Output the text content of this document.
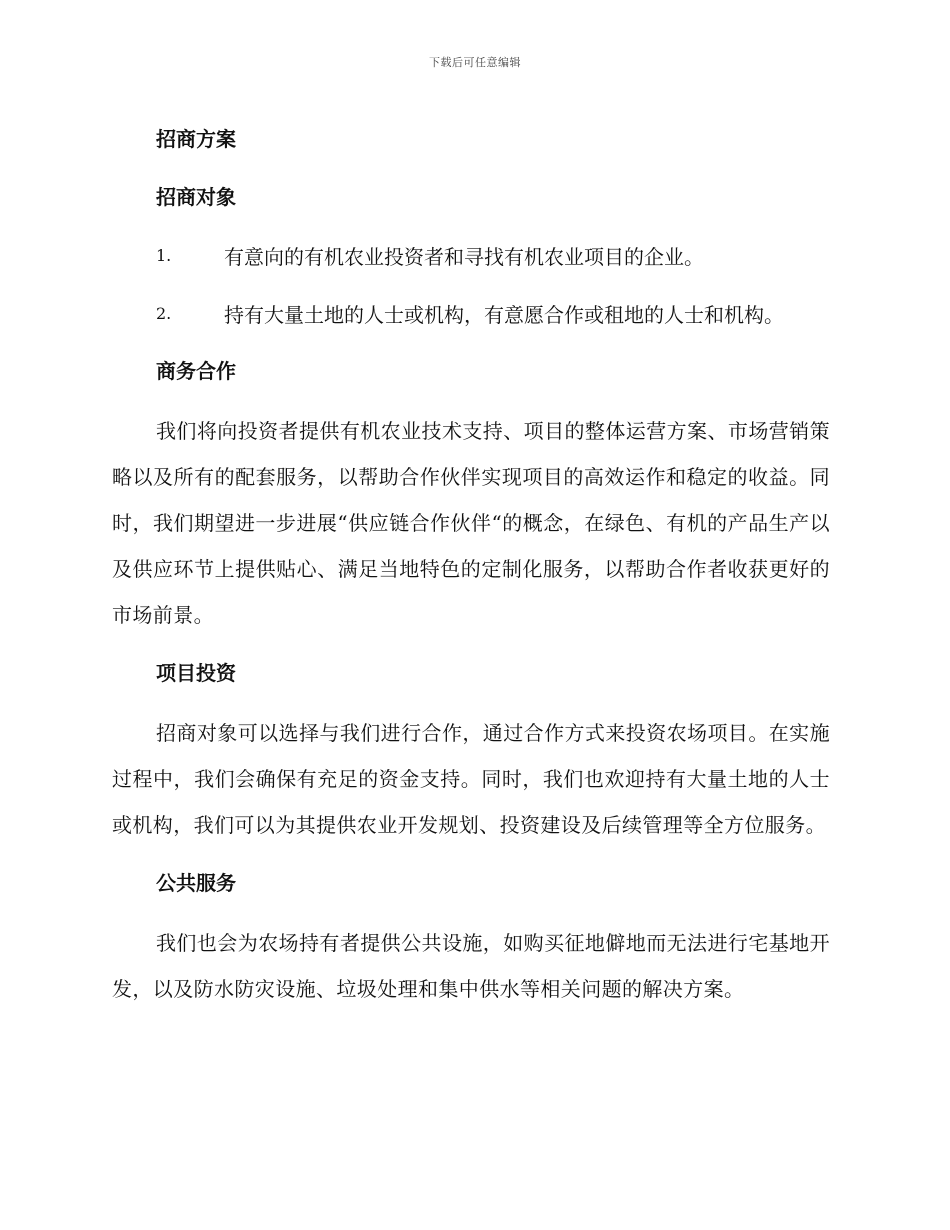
下载后可任意编辑
招商方案
招商对象
1.	有意向的有机农业投资者和寻找有机农业项目的企业。
2.	持有大量土地的人士或机构，有意愿合作或租地的人士和机构。
商务合作

我们将向投资者提供有机农业技术支持、项目的整体运营方案、市场营销策略以及所有的配套服务，以帮助合作伙伴实现项目的高效运作和稳定的收益。同时，我们期望进一步进展“供应链合作伙伴“的概念，在绿色、有机的产品生产以及供应环节上提供贴心、满足当地特色的定制化服务，以帮助合作者收获更好的市场前景。

项目投资

招商对象可以选择与我们进行合作，通过合作方式来投资农场项目。在实施过程中，我们会确保有充足的资金支持。同时，我们也欢迎持有大量土地的人士或机构，我们可以为其提供农业开发规划、投资建设及后续管理等全方位服务。

公共服务

我们也会为农场持有者提供公共设施，如购买征地僻地而无法进行宅基地开发，以及防水防灾设施、垃圾处理和集中供水等相关问题的解决方案。
